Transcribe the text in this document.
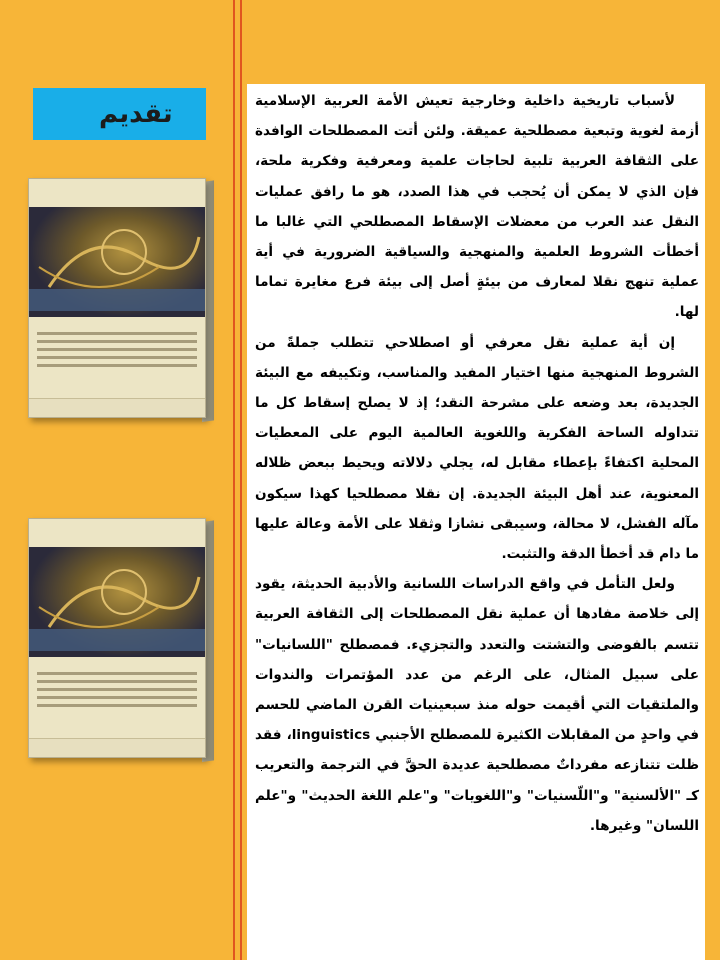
تقديم	لأسباب تاريخية داخلية وخارجية تعيش الأمة العربية الإسلامية أزمة لغوية وتبعية مصطلحية عميقة. ولئن أتت المصطلحات الوافدة على الثقافة العربية تلبية لحاجات علمية ومعرفية وفكرية ملحة، فإن الذي لا يمكن أن يُحجب في هذا الصدد، هو ما رافق عمليات النقل عند العرب من معضلات الإسقاط المصطلحي التي غالبا ما أخطأت الشروط العلمية والمنهجية والسياقية الضرورية في أية عملية تنهج نقلا لمعارف من بيئةٍ أصل إلى بيئة فرع مغايرة تماما لها.

إن أية عملية نقل معرفي أو اصطلاحي تتطلب جملةً من الشروط المنهجية منها اختيار المفيد والمناسب، وتكييفه مع البيئة الجديدة، بعد وضعه على مشرحة النقد؛ إذ لا يصلح إسقاط كل ما تتداوله الساحة الفكرية واللغوية العالمية اليوم على المعطيات المحلية اكتفاءً بإعطاء مقابل له، يجلي دلالاته ويحيط ببعض ظلاله المعنوية، عند أهل البيئة الجديدة. إن نقلا مصطلحيا كهذا سيكون مآله الفشل، لا محالة، وسيبقى نشازا وثقلا على الأمة وعالة عليها ما دام قد أخطأ الدقة والتثبت.

ولعل التأمل في واقع الدراسات اللسانية والأدبية الحديثة، يقود إلى خلاصة مفادها أن عملية نقل المصطلحات إلى الثقافة العربية تتسم بالفوضى والتشتت والتعدد والتجزيء. فمصطلح "اللسانيات" على سبيل المثال، على الرغم من عدد المؤتمرات والندوات والملتقيات التي أقيمت حوله منذ سبعينيات القرن الماضي للحسم في واحدٍ من المقابلات الكثيرة للمصطلح الأجنبي linguistics، فقد ظلت تتنازعه مفرداتٌ مصطلحية عديدة الحقَّ في الترجمة والتعريب كـ "الألسنية" و"اللّسنيات" و"اللغويات" و"علم اللغة الحديث" و"علم اللسان" وغيرها.
